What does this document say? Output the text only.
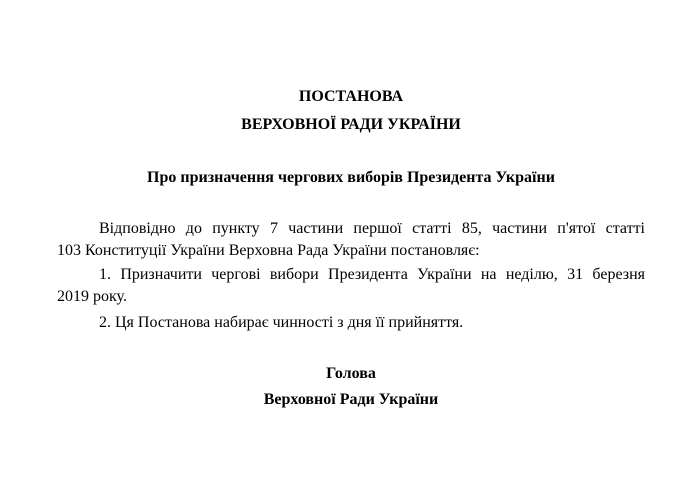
ПОСТАНОВА
ВЕРХОВНОЇ РАДИ УКРАЇНИ
Про призначення чергових виборів Президента України
Відповідно до пункту 7 частини першої статті 85, частини п'ятої статті
103 Конституції України Верховна Рада України постановляє:
1. Призначити чергові вибори Президента України на неділю, 31 березня
2019 року.
2. Ця Постанова набирає чинності з дня її прийняття.
Голова
Верховної Ради України
